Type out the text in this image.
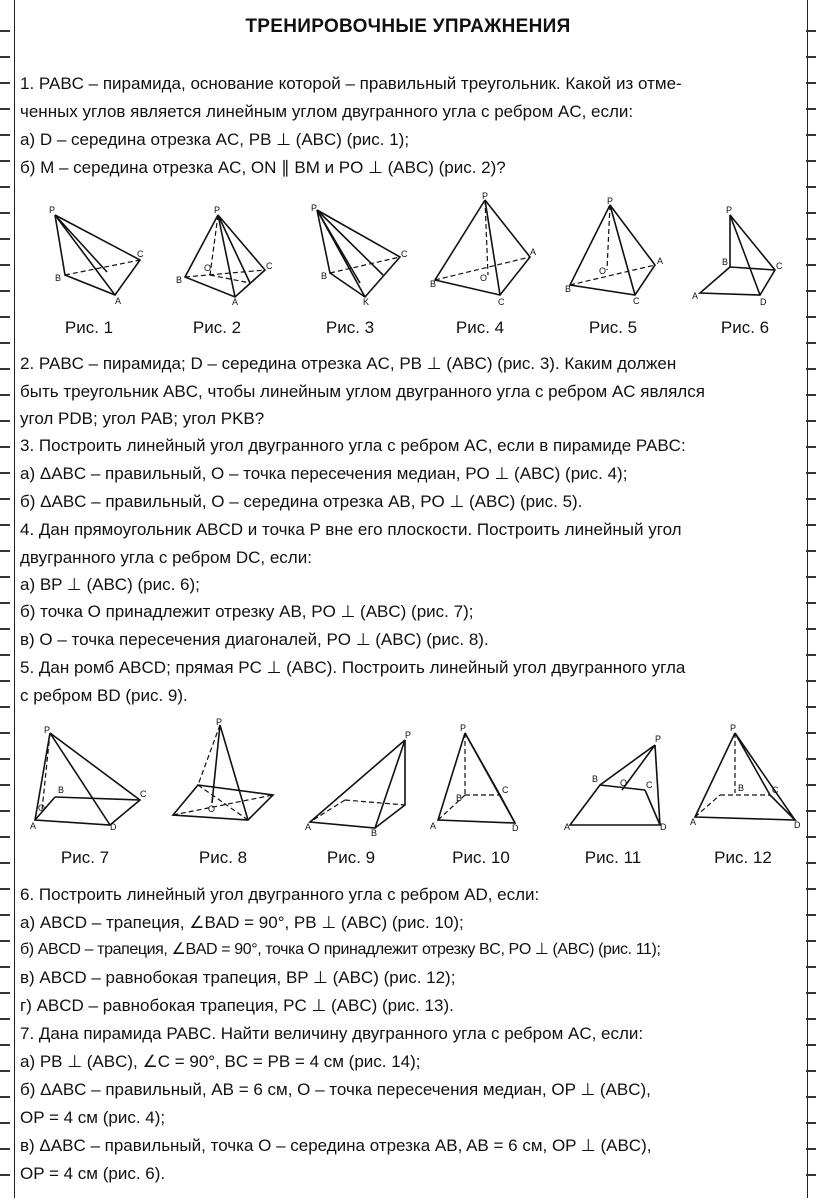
ТРЕНИРОВОЧНЫЕ УПРАЖНЕНИЯ
1. PABC – пирамида, основание которой – правильный треугольник. Какой из отме-
ченных углов является линейным углом двугранного угла с ребром AC, если:
а) D – середина отрезка AC, PB ⊥ (ABC) (рис. 1);
б) M – середина отрезка AC, ON ∥ BM и PO ⊥ (ABC) (рис. 2)?
P
B
A
C
P
B
A
C
O
P
B
K
C
P
B
C
A
O
P
B
C
A
O
P
B
A
D
C
Рис. 1	Рис. 2	Рис. 3	Рис. 4	Рис. 5	Рис. 6
2. PABC – пирамида; D – середина отрезка AC, PB ⊥ (ABC) (рис. 3). Каким должен
быть треугольник ABC, чтобы линейным углом двугранного угла с ребром AC являлся
угол PDB; угол PAB; угол PKB?
3. Построить линейный угол двугранного угла с ребром AC, если в пирамиде PABC:
а) ΔABC – правильный, O – точка пересечения медиан, PO ⊥ (ABC) (рис. 4);
б) ΔABC – правильный, O – середина отрезка AB, PO ⊥ (ABC) (рис. 5).
4. Дан прямоугольник ABCD и точка P вне его плоскости. Построить линейный угол
двугранного угла с ребром DC, если:
а) BP ⊥ (ABC) (рис. 6);
б) точка O принадлежит отрезку AB, PO ⊥ (ABC) (рис. 7);
в) O – точка пересечения диагоналей, PO ⊥ (ABC) (рис. 8).
5. Дан ромб ABCD; прямая PC ⊥ (ABC). Построить линейный угол двугранного угла
с ребром BD (рис. 9).
P
B
O
A	D
C
P
O
P
A
B
P
B
C
A	D
P
B O C
A	D
P
B	C
A	D
Рис. 7	Рис. 8	Рис. 9	Рис. 10	Рис. 11	Рис. 12
6. Построить линейный угол двугранного угла с ребром AD, если:
а) ABCD – трапеция, ∠BAD = 90°, PB ⊥ (ABC) (рис. 10);
б) ABCD – трапеция, ∠BAD = 90°, точка O принадлежит отрезку BC, PO ⊥ (ABC) (рис. 11);
в) ABCD – равнобокая трапеция, BP ⊥ (ABC) (рис. 12);
г) ABCD – равнобокая трапеция, PC ⊥ (ABC) (рис. 13).
7. Дана пирамида PABC. Найти величину двугранного угла с ребром AC, если:
а) PB ⊥ (ABC), ∠C = 90°, BC = PB = 4 см (рис. 14);
б) ΔABC – правильный, AB = 6 см, O – точка пересечения медиан, OP ⊥ (ABC),
OP = 4 см (рис. 4);
в) ΔABC – правильный, точка O – середина отрезка AB, AB = 6 см, OP ⊥ (ABC),
OP = 4 см (рис. 6).
